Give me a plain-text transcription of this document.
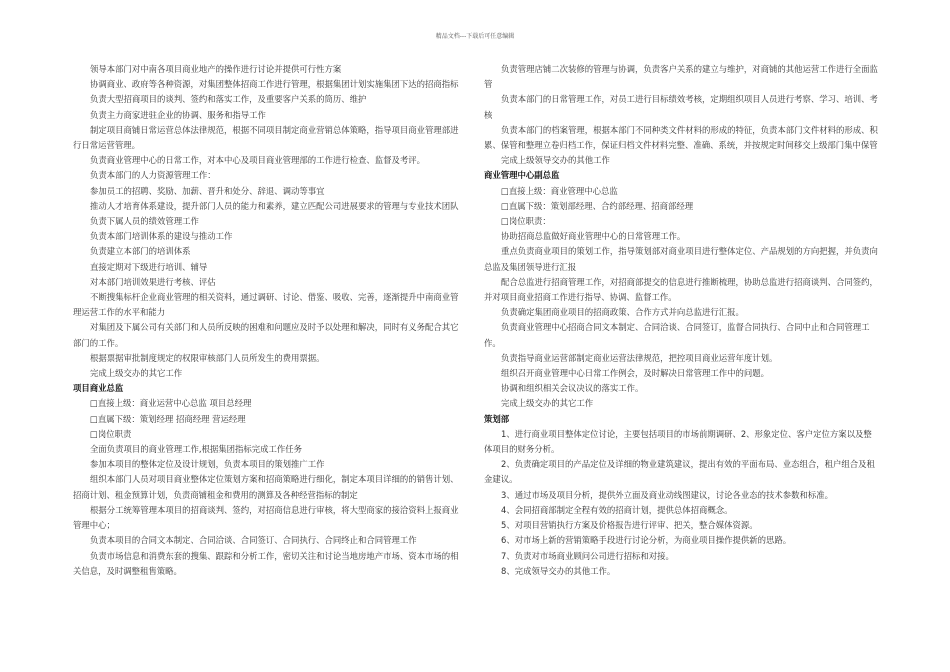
精品文档---下载后可任意编辑

领导本部门对中南各项目商业地产的操作进行讨论并提供可行性方案

协调商业、政府等各种资源，对集团整体招商工作进行管理，根据集团计划实施集团下达的招商指标

负责大型招商项目的谈判、签约和落实工作，及重要客户关系的筒历、维护

负责主力商家进驻企业的协调、服务和指导工作

制定项目商铺日常运营总体法律规范，根据不同项目制定商业营销总体策略，指导项目商业管理部进行日常运营管理。

负责商业管理中心的日常工作，对本中心及项目商业管理部的工作进行检查、监督及考评。

负责本部门的人力资源管理工作：

参加员工的招聘、奖励、加薪、晋升和处分、辞退、调动等事宜

推动人才培育体系建设，提升部门人员的能力和素养，建立匹配公司进展要求的管理与专业技术团队

负责下属人员的绩效管理工作

负责本部门培训体系的建设与推动工作

负责建立本部门的培训体系

直接定期对下级进行培训、辅导

对本部门培训效果进行考核、评估

不断搜集标杆企业商业管理的相关资料，通过调研、讨论、借鉴、吸收、完善，逐渐提升中南商业管理运营工作的水平和能力

对集团及下属公司有关部门和人员所反映的困难和问题应及时予以处理和解决，同时有义务配合其它部门的工作。

根据票据审批制度规定的权限审核部门人员所发生的费用票据。

完成上级交办的其它工作

项目商业总监

□直接上级：商业运营中心总监 项目总经理

□直属下级：策划经理 招商经理 营运经理

□岗位职责

全面负责项目的商业管理工作,根据集团指标完成工作任务

参加本项目的整体定位及设计规划，负责本项目的策划推广工作

组织本部门人员对项目商业整体定位策划方案和招商策略进行细化，制定本项目详细的的销售计划、招商计划、租金预算计划，负责商铺租金和费用的测算及各种经营指标的制定

根据分工统筹管理本项目的招商谈判、签约，对招商信息进行审核，将大型商家的接洽资料上报商业管理中心；

负责本项目的合同文本制定、合同洽谈、合同签订、合同执行、合同终止和合同管理工作

负责市场信息和消费东套的搜集、跟踪和分析工作，密切关注和讨论当地房地产市场、资本市场的相关信息，及时调整租售策略。

负责管理店铺二次装修的管理与协调，负责客户关系的建立与维护，对商铺的其他运营工作进行全面监管

负责本部门的日常管理工作，对员工进行目标绩效考核，定期组织项目人员进行考察、学习、培训、考核

负责本部门的档案管理，根据本部门不同种类文件材料的形成的特征，负责本部门文件材料的形成、积累、保管和整理立卷归档工作，保证归档文件材料完整、准确、系统，并按规定时间移交上级部门集中保管

完成上级领导交办的其他工作

商业管理中心副总监

□直接上级：商业管理中心总监

□直属下级：策划部经理、合约部经理、招商部经理

□岗位职责：

协助招商总监做好商业管理中心的日常管理工作。

重点负责商业项目的策划工作，指导策划部对商业项目进行整体定位、产品规划的方向把握，并负责向总监及集团领导进行汇报

配合总监进行招商管理工作，对招商部提交的信息进行推断梳理，协助总监进行招商谈判、合同签约，并对项目商业招商工作进行指导、协调、监督工作。

负责确定集团商业项目的招商政策、合作方式并向总监进行汇报。

负责商业管理中心招商合同文本制定、合同洽谈、合同签订，监督合同执行、合同中止和合同管理工作。

负责指导商业运营部制定商业运营法律规范，把控项目商业运营年度计划。

组织召开商业管理中心日常工作例会，及时解决日常管理工作中的问题。

协调和组织相关会议决议的落实工作。

完成上级交办的其它工作

策划部

1、进行商业项目整体定位讨论，主要包括项目的市场前期调研、2、形象定位、客户定位方案以及整体项目的财务分析。

2、负责确定项目的产品定位及详细的物业建筑建议，提出有效的平面布局、业态组合，租户组合及租金建议。

3、通过市场及项目分析，提供外立面及商业动线图建议，讨论各业态的技术参数和标准。

4、会同招商部制定全程有效的招商计划，提供总体招商概念。

5、对项目营销执行方案及价格报告进行评审、把关，整合媒体资源。

6、对市场上新的营销策略手段进行讨论分析，为商业项目操作提供新的思路。

7、负责对市场商业顾问公司进行招标和对接。

8、完成领导交办的其他工作。
